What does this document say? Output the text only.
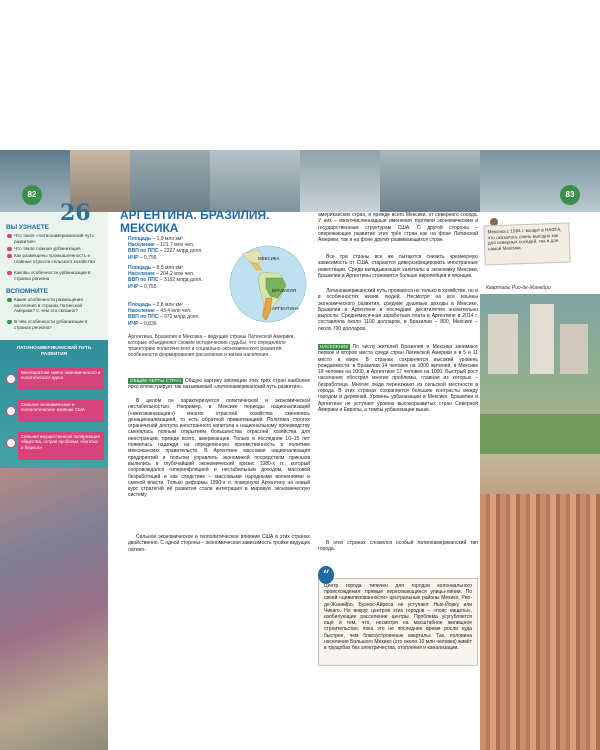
82	83
ВЫ УЗНАЕТЕ
Что такое «латиноамериканский путь развития»
Что такое ложная урбанизация
Как размещены промышленность и главные отрасли сельского хозяйства
Каковы особенности урбанизации в странах региона
ВСПОМНИТЕ
Какие особенности размещения населения в странах Латинской Америки? С чем это связано?
В чём особенности урбанизации в странах региона?
26
ЛАТИНОАМЕРИКАНСКИЙ ПУТЬ РАЗВИТИЯ
Многократная смена экономического и политического курса
Сильное экономическое и геополитическое влияние США
Сильная имущественная поляризация общества, острая проблема «богатых и бедных»
АРГЕНТИНА. БРАЗИЛИЯ.
МЕКСИКА
Площадь – 1,9 млн км²
Население – 121,7 млн чел.
ВВП по ППС – 2227 млрд долл.
ИЧР – 0,756
Площадь – 8,5 млн км²
Население – 204,2 млн чел.
ВВП по ППС – 3192 млрд долл.
ИЧР – 0,755
Площадь – 2,8 млн км²
Население – 43,4 млн чел.
ВВП по ППС – 972 млрд долл.
ИЧР – 0,836
МЕКСИКА
БРАЗИЛИЯ
АРГЕНТИНА
Аргентина, Бразилия и Мексика – ведущие страны Латинской Америки, которые объединяют схожие исторические судьбы, что определило траекторию политического и социально-экономического развития, особенности формирования расселения и жизни населения.
ОБЩИЕ ЧЕРТЫ СТРАН Общую картину эволюции этих трёх стран наиболее ярко иллюстрирует так называемый «латиноамериканский путь развития».
В целом он характеризуется политической и экономической нестабильностью. Например, в Мексике периоды национализаций («мексиканизации») многих отраслей хозяйства сменялись денационализацией, то есть обратной приватизацией. Политика строгих ограничений доступа иностранного капитала к национальному производству сменялась полным открытием большинства отраслей хозяйства для иностранцев, прежде всего, американцев. Только в последние 10–15 лет появилась надежда на определённую преемственность в политике мексиканских правительств. В Аргентине массовая национализация предприятий и попытки управлять экономикой посредством приказов вылились в глубочайший экономический кризис 1980-х гг., который сопровождался гиперинфляцией и нестабильным доходом, массовой безработицей и как следствие – массовыми народными волнениями и сменой власти. Только реформы 1990-х гг. повернули Аргентину на новый курс стратегий её развития стала интеграция в мировую экономическую систему.
Сильное экономическое и геополитическое влияние США в этих странах двойственно. С одной стороны – экономическая зависимость тройки ведущих латино-
американских стран, и прежде всего Мексики, от северного соседа. У них – многочисленнадные именения торговли экономическим и государственным структурам США. С другой стороны – опережающее развитие этих трёх стран как на фоне Латинской Америки, так и на фоне других развивающихся стран.
Все три страны все же пытаются снизить чрезмерную зависимость от США, стараются диверсифицировать иностранные инвестиции. Среди вкладывающих капиталы в экономику Мексики, Бразилии и Аргентины становится больше европейцев и японцев.
Латиноамериканский путь проявился не только в хозяйстве, но и в особенностях жизни людей. Несмотря на все изъяны экономического развития, средние душевые доходы в Мексике, Бразилии и Аргентине в последние десятилетия значительно выросли. Среднемесячная заработная плата в Аргентине в 2014 г. составляла около 1100 долларов, в Бразилии – 800, Мексике – около 700 долларов.
НАСЕЛЕНИЕ По числу жителей Бразилия и Мексика занимают первое и второе места среди стран Латинской Америки и в 5 и 11 место в мире. В странах сохраняется высокий уровень рождаемости: в Бразилии 14 человек на 1000 жителей, в Мексике 19 человек на 1000, в Аргентине 17 человек на 1000. Быстрый рост населения обострил многие проблемы, главная из которых – безработица. Многие люди переезжают из сельской местности в города. В этих странах сохраняется большие контрасты между городом и деревней. Уровень урбанизации в Мексике, Бразилии и Аргентине не уступает уровню высокоразвитых стран Северной Америки и Европы, а темпы урбанизации выше.
В этих странах сложился особый латиноамериканский тип города.
Центр города типичен для городов колониального происхождения: прямые пересекающиеся улицы-линии. По своей «цивилизованности» центральные районы Мехико, Рио-де-Жанейро, Буэнос-Айреса не уступают Нью-Йорку или Чикаго. Но вокруг центров этих городов – «пояс нищеты», изобилующие расселение центры. Проблема усугубляется ещё и тем, что, несмотря на масштабное жилищное строительство, пока это не последнее время росли куда быстрее, чем благоустроенные кварталы. Так, половина населения Большого Мехико (это около 10 млн человек) живёт в трущобах без электричества, отопления и канализации.
“
Мексика с 1994 г. входит в НАФТА, что оказалось очень выгодно как для северных соседей, так и для самой Мексики.
Кварталы Рио-де-Жанейро
